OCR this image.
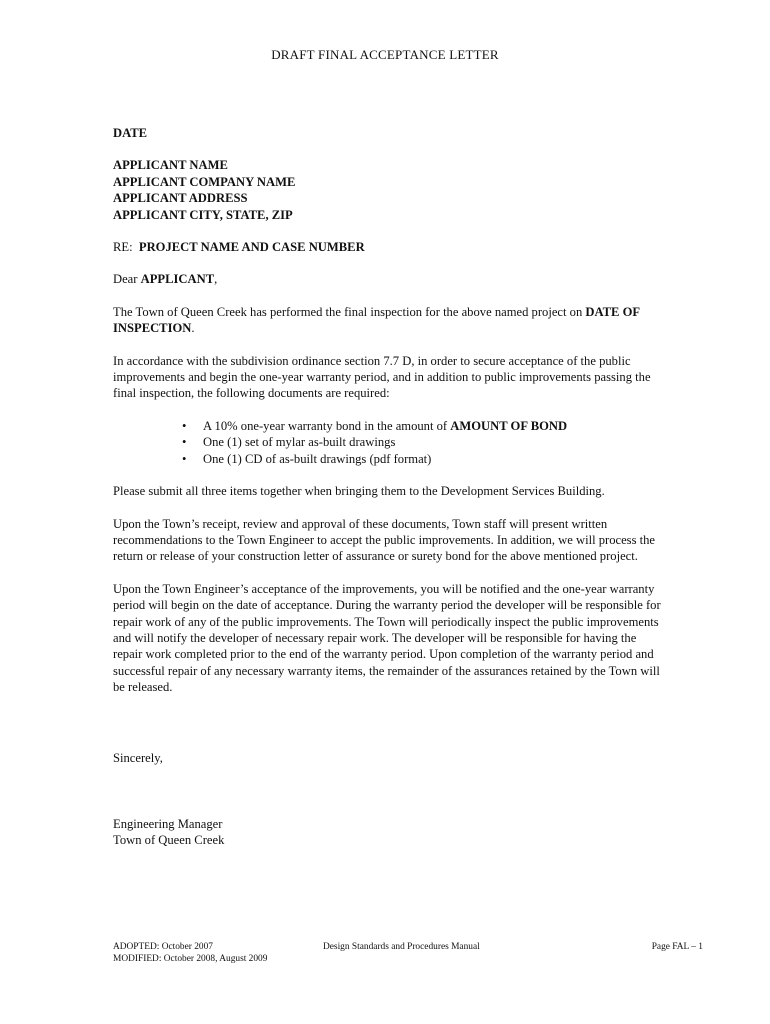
DRAFT FINAL ACCEPTANCE LETTER

DATE

APPLICANT NAME

APPLICANT COMPANY NAME

APPLICANT ADDRESS

APPLICANT CITY, STATE, ZIP

RE: PROJECT NAME AND CASE NUMBER

Dear APPLICANT,

The Town of Queen Creek has performed the final inspection for the above named project on DATE OF INSPECTION.

In accordance with the subdivision ordinance section 7.7 D, in order to secure acceptance of the public improvements and begin the one-year warranty period, and in addition to public improvements passing the final inspection, the following documents are required:

• A 10% one-year warranty bond in the amount of AMOUNT OF BOND
• One (1) set of mylar as-built drawings
• One (1) CD of as-built drawings (pdf format)

Please submit all three items together when bringing them to the Development Services Building.

Upon the Town’s receipt, review and approval of these documents, Town staff will present written recommendations to the Town Engineer to accept the public improvements. In addition, we will process the return or release of your construction letter of assurance or surety bond for the above mentioned project.

Upon the Town Engineer’s acceptance of the improvements, you will be notified and the one-year warranty period will begin on the date of acceptance. During the warranty period the developer will be responsible for repair work of any of the public improvements. The Town will periodically inspect the public improvements and will notify the developer of necessary repair work. The developer will be responsible for having the repair work completed prior to the end of the warranty period. Upon completion of the warranty period and successful repair of any necessary warranty items, the remainder of the assurances retained by the Town will be released.

Sincerely,
Engineering Manager
Town of Queen Creek
ADOPTED: October 2007
MODIFIED: October 2008, August 2009
Design Standards and Procedures Manual	Page FAL – 1
